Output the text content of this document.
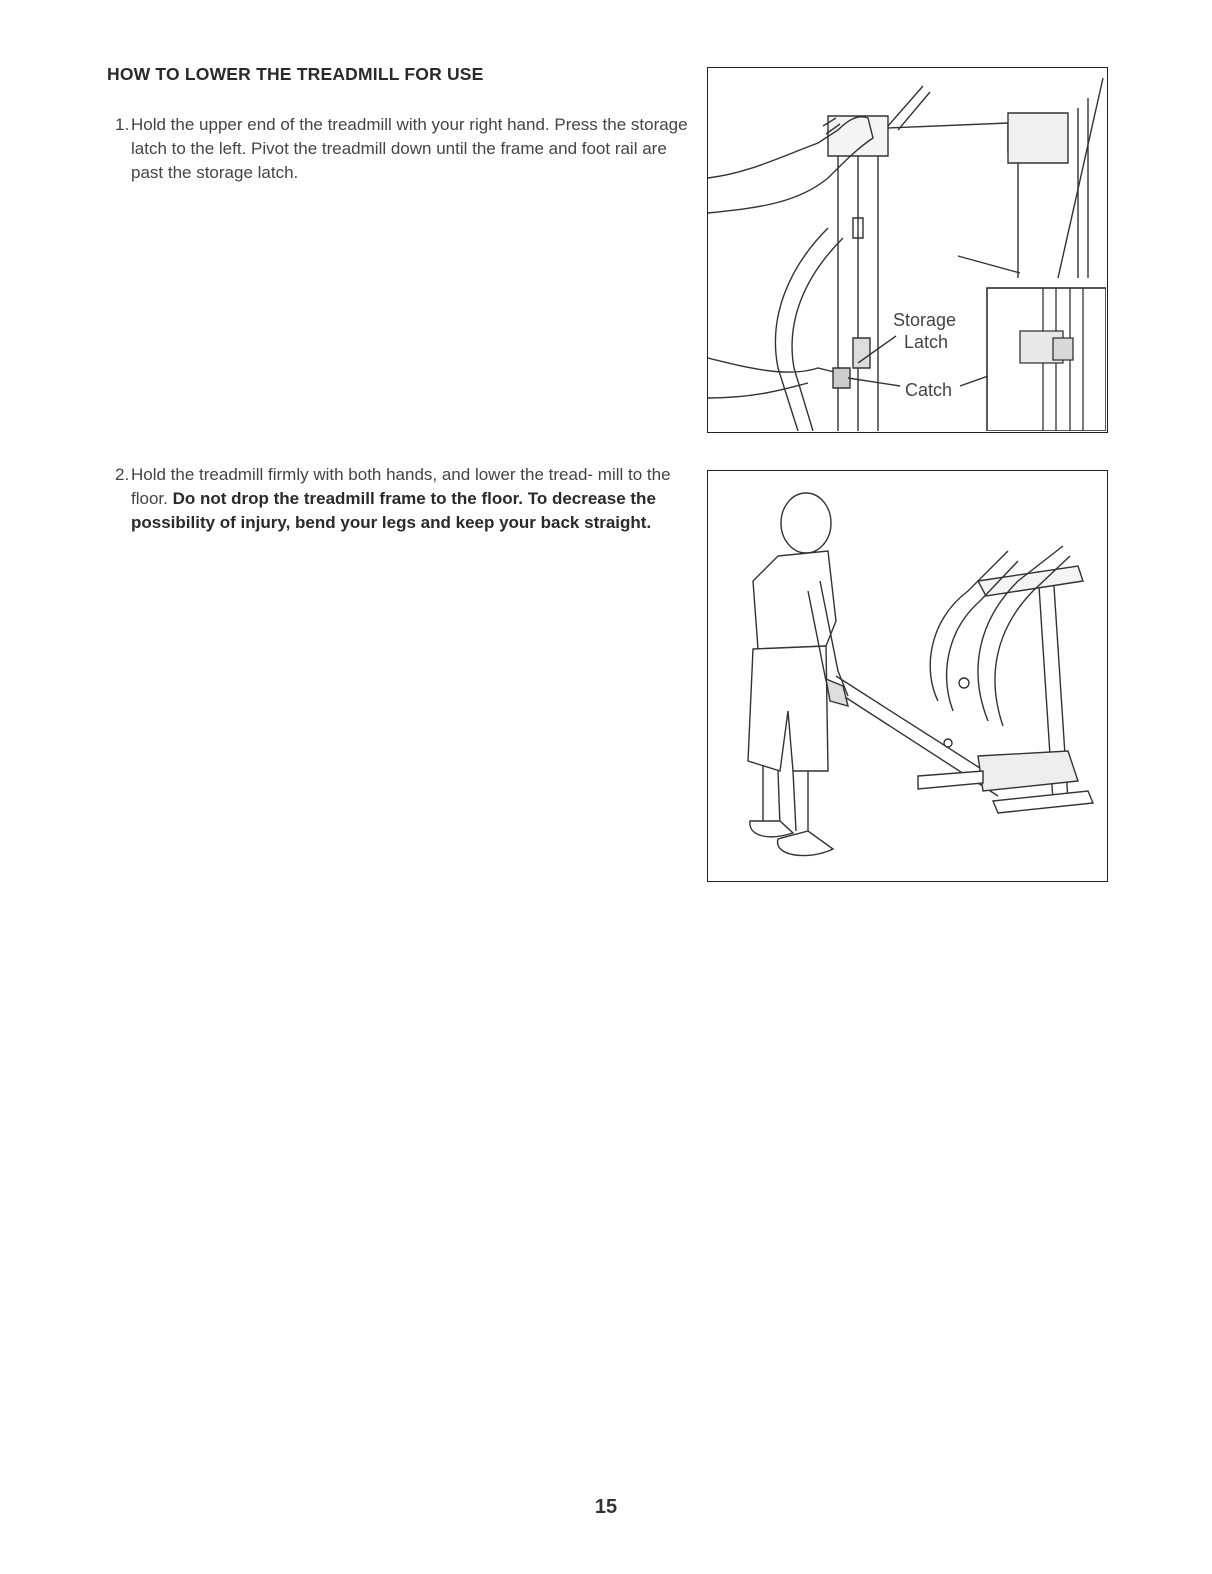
HOW TO LOWER THE TREADMILL FOR USE
1. Hold the upper end of the treadmill with your right hand. Press the storage latch to the left. Pivot the treadmill down until the frame and foot rail are past the storage latch.
2. Hold the treadmill firmly with both hands, and lower the tread- mill to the floor. Do not drop the treadmill frame to the floor. To decrease the possibility of injury, bend your legs and keep your back straight.
Storage
Latch
Catch
15
